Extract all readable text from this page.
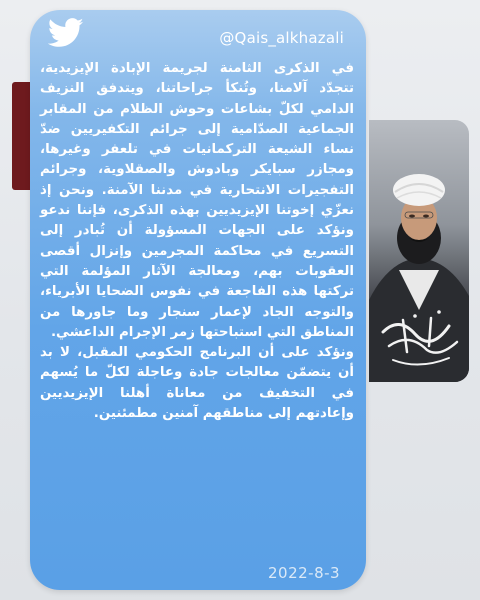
@Qais_alkhazali

في الذكرى الثامنة لجريمة الإبادة الإيزيدية، تتجدّد آلامنا، وتُنكأ جراحاتنا، ويتدفق النزيف الدامي لكلّ بشاعات وحوش الظلام من المقابر الجماعية الصدّامية إلى جرائم التكفيريين ضدّ نساء الشيعة التركمانيات في تلعفر وغيرها، ومجازر سبايكر وبادوش والصقلاوية، وجرائم التفجيرات الانتحارية في مدننا الآمنة. ونحن إذ نعزّي إخوتنا الإيزيديين بهذه الذكرى، فإننا ندعو ونؤكد على الجهات المسؤولة أن تُبادر إلى التسريع في محاكمة المجرمين وإنزال أقصى العقوبات بهم، ومعالجة الآثار المؤلمة التي تركتها هذه الفاجعة في نفوس الضحايا الأبرياء، والتوجه الجاد لإعمار سنجار وما جاورها من المناطق التي استباحتها زمر الإجرام الداعشي.

ونؤكد على أن البرنامج الحكومي المقبل، لا بد أن يتضمّن معالجات جادة وعاجلة لكلّ ما يُسهم في التخفيف من معاناة أهلنا الإيزيديين وإعادتهم إلى مناطقهم آمنين مطمئنين.

2022-8-3
